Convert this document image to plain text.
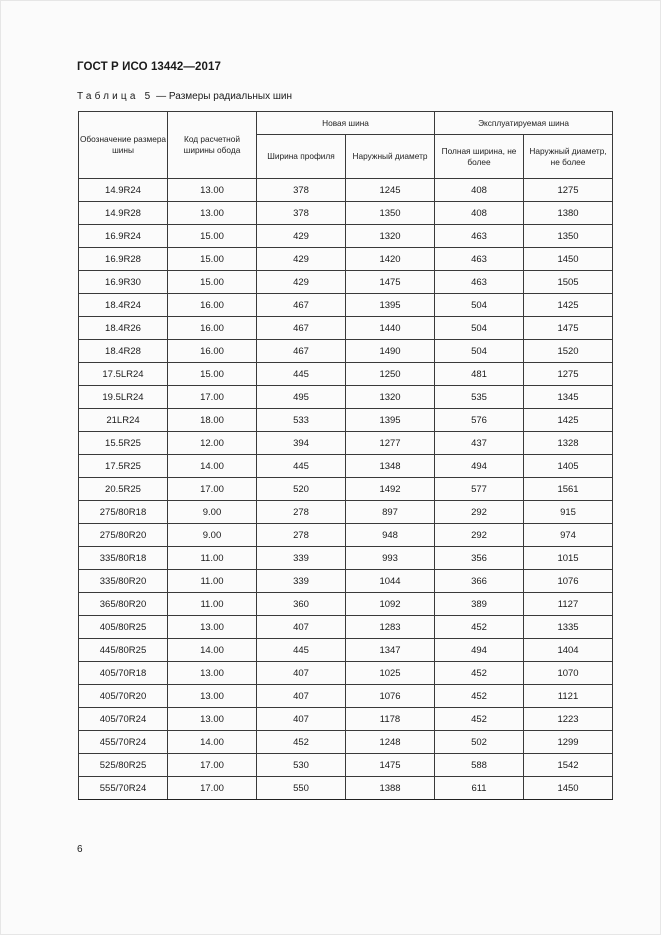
ГОСТ Р ИСО 13442—2017
Таблица 5 — Размеры радиальных шин
Обозначение размера шины	Код расчетной ширины обода	Новая шина		Эксплуатируемая шина	
		Ширина профиля	Наружный диаметр	Полная ширина, не более	Наружный диаметр, не более
14.9R24	13.00	378	1245	408	1275
14.9R28	13.00	378	1350	408	1380
16.9R24	15.00	429	1320	463	1350
16.9R28	15.00	429	1420	463	1450
16.9R30	15.00	429	1475	463	1505
18.4R24	16.00	467	1395	504	1425
18.4R26	16.00	467	1440	504	1475
18.4R28	16.00	467	1490	504	1520
17.5LR24	15.00	445	1250	481	1275
19.5LR24	17.00	495	1320	535	1345
21LR24	18.00	533	1395	576	1425
15.5R25	12.00	394	1277	437	1328
17.5R25	14.00	445	1348	494	1405
20.5R25	17.00	520	1492	577	1561
275/80R18	9.00	278	897	292	915
275/80R20	9.00	278	948	292	974
335/80R18	11.00	339	993	356	1015
335/80R20	11.00	339	1044	366	1076
365/80R20	11.00	360	1092	389	1127
405/80R25	13.00	407	1283	452	1335
445/80R25	14.00	445	1347	494	1404
405/70R18	13.00	407	1025	452	1070
405/70R20	13.00	407	1076	452	1121
405/70R24	13.00	407	1178	452	1223
455/70R24	14.00	452	1248	502	1299
525/80R25	17.00	530	1475	588	1542
555/70R24	17.00	550	1388	611	1450
6
